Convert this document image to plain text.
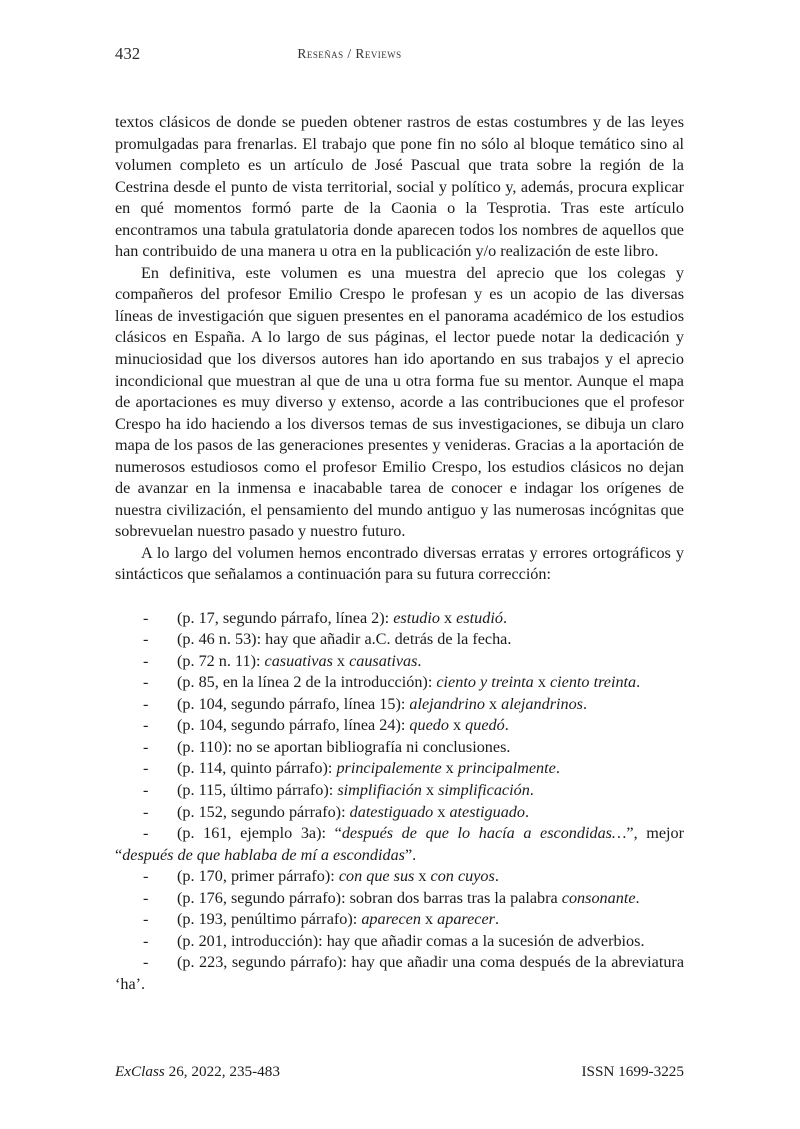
432	Reseñas / Reviews

textos clásicos de donde se pueden obtener rastros de estas costumbres y de las leyes promulgadas para frenarlas. El trabajo que pone fin no sólo al bloque temático sino al volumen completo es un artículo de José Pascual que trata sobre la región de la Cestrina desde el punto de vista territorial, social y político y, además, procura explicar en qué momentos formó parte de la Caonia o la Tesprotia. Tras este artículo encontramos una tabula gratulatoria donde aparecen todos los nombres de aquellos que han contribuido de una manera u otra en la publicación y/o realización de este libro.

En definitiva, este volumen es una muestra del aprecio que los colegas y compañeros del profesor Emilio Crespo le profesan y es un acopio de las diversas líneas de investigación que siguen presentes en el panorama académico de los estudios clásicos en España. A lo largo de sus páginas, el lector puede notar la dedicación y minuciosidad que los diversos autores han ido aportando en sus trabajos y el aprecio incondicional que muestran al que de una u otra forma fue su mentor. Aunque el mapa de aportaciones es muy diverso y extenso, acorde a las contribuciones que el profesor Crespo ha ido haciendo a los diversos temas de sus investigaciones, se dibuja un claro mapa de los pasos de las generaciones presentes y venideras. Gracias a la aportación de numerosos estudiosos como el profesor Emilio Crespo, los estudios clásicos no dejan de avanzar en la inmensa e inacabable tarea de conocer e indagar los orígenes de nuestra civilización, el pensamiento del mundo antiguo y las numerosas incógnitas que sobrevuelan nuestro pasado y nuestro futuro.

A lo largo del volumen hemos encontrado diversas erratas y errores ortográficos y sintácticos que señalamos a continuación para su futura corrección:

- (p. 17, segundo párrafo, línea 2): estudio x estudió.
- (p. 46 n. 53): hay que añadir a.C. detrás de la fecha.
- (p. 72 n. 11): casuativas x causativas.
- (p. 85, en la línea 2 de la introducción): ciento y treinta x ciento treinta.
- (p. 104, segundo párrafo, línea 15): alejandrino x alejandrinos.
- (p. 104, segundo párrafo, línea 24): quedo x quedó.
- (p. 110): no se aportan bibliografía ni conclusiones.
- (p. 114, quinto párrafo): principalemente x principalmente.
- (p. 115, último párrafo): simplifiación x simplificación.
- (p. 152, segundo párrafo): datestiguado x atestiguado.
- (p. 161, ejemplo 3a): “después de que lo hacía a escondidas…”, mejor “después de que hablaba de mí a escondidas”.
- (p. 170, primer párrafo): con que sus x con cuyos.
- (p. 176, segundo párrafo): sobran dos barras tras la palabra consonante.
- (p. 193, penúltimo párrafo): aparecen x aparecer.
- (p. 201, introducción): hay que añadir comas a la sucesión de adverbios.
- (p. 223, segundo párrafo): hay que añadir una coma después de la abreviatura ‘ha’.
ExClass 26, 2022, 235-483	ISSN 1699-3225
